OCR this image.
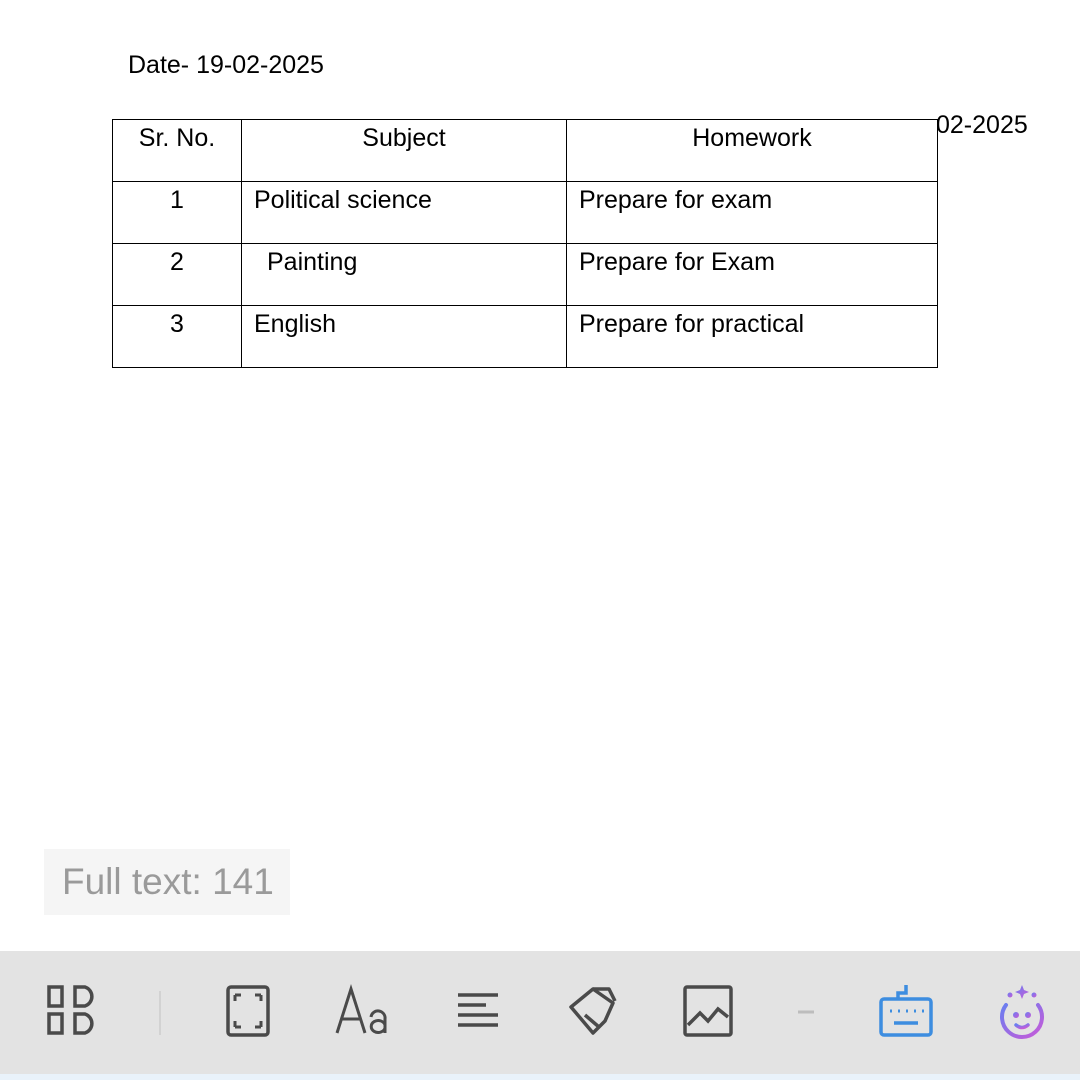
Date- 19-02-2025
02-2025
Sr. No.	Subject	Homework
1	Political science	Prepare for exam
2	Painting	Prepare for Exam
3	English	Prepare for practical
Full text: 141
